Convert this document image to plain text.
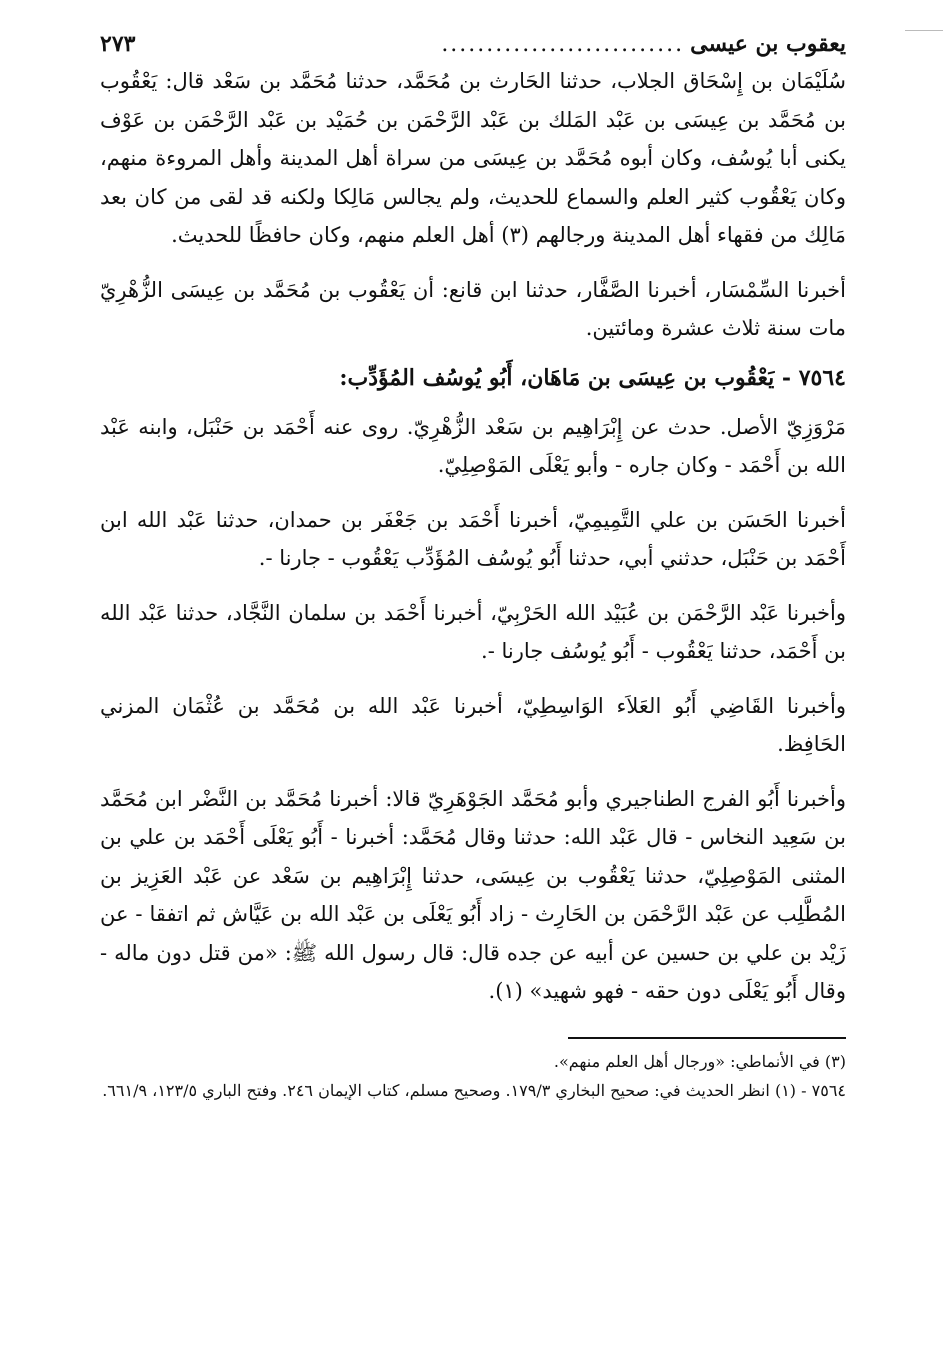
يعقوب بن عيسى
...........................
٢٧٣

سُلَيْمَان بن إِسْحَاق الجلاب، حدثنا الحَارث بن مُحَمَّد، حدثنا مُحَمَّد بن سَعْد قال: يَعْقُوب بن مُحَمَّد بن عِيسَى بن عَبْد المَلك بن عَبْد الرَّحْمَن بن حُمَيْد بن عَبْد الرَّحْمَن بن عَوْف يكنى أبا يُوسُف، وكان أبوه مُحَمَّد بن عِيسَى من سراة أهل المدينة وأهل المروءة منهم، وكان يَعْقُوب كثير العلم والسماع للحديث، ولم يجالس مَالِكا ولكنه قد لقى من كان بعد مَالِك من فقهاء أهل المدينة ورجالهم (٣) أهل العلم منهم، وكان حافظًا للحديث.

أخبرنا السِّمْسَار، أخبرنا الصَّفَّار، حدثنا ابن قانع: أن يَعْقُوب بن مُحَمَّد بن عِيسَى الزُّهْرِيّ مات سنة ثلاث عشرة ومائتين.

٧٥٦٤ - يَعْقُوب بن عِيسَى بن مَاهَان، أَبُو يُوسُف المُؤَدِّب:

مَرْوَزِيّ الأصل. حدث عن إِبْرَاهِيم بن سَعْد الزُّهْرِيّ. روى عنه أَحْمَد بن حَنْبَل، وابنه عَبْد الله بن أَحْمَد - وكان جاره - وأبو يَعْلَى المَوْصِلِيّ.

أخبرنا الحَسَن بن علي التَّمِيمِيّ، أخبرنا أَحْمَد بن جَعْفَر بن حمدان، حدثنا عَبْد الله ابن أَحْمَد بن حَنْبَل، حدثني أبي، حدثنا أَبُو يُوسُف المُؤَدِّب يَعْقُوب - جارنا -.

وأخبرنا عَبْد الرَّحْمَن بن عُبَيْد الله الحَرْبِيّ، أخبرنا أَحْمَد بن سلمان النَّجَّاد، حدثنا عَبْد الله بن أَحْمَد، حدثنا يَعْقُوب - أَبُو يُوسُف جارنا -.

وأخبرنا القَاضِي أَبُو العَلاَء الوَاسِطِيّ، أخبرنا عَبْد الله بن مُحَمَّد بن عُثْمَان المزني الحَافِظ.

وأخبرنا أَبُو الفرج الطناجيري وأبو مُحَمَّد الجَوْهَرِيّ قالا: أخبرنا مُحَمَّد بن النَّضْر ابن مُحَمَّد بن سَعِيد النخاس - قال عَبْد الله: حدثنا وقال مُحَمَّد: أخبرنا - أَبُو يَعْلَى أَحْمَد بن علي بن المثنى المَوْصِلِيّ، حدثنا يَعْقُوب بن عِيسَى، حدثنا إِبْرَاهِيم بن سَعْد عن عَبْد العَزِيز بن المُطَّلِب عن عَبْد الرَّحْمَن بن الحَارِث - زاد أَبُو يَعْلَى بن عَبْد الله بن عَيَّاش ثم اتفقا - عن زَيْد بن علي بن حسين عن أبيه عن جده قال: قال رسول الله ﷺ: «من قتل دون ماله - وقال أَبُو يَعْلَى دون حقه - فهو شهيد» (١).

(٣) في الأنماطي: «ورجال أهل العلم منهم».

٧٥٦٤ - (١) انظر الحديث في: صحيح البخاري ١٧٩/٣. وصحيح مسلم، كتاب الإيمان ٢٤٦. وفتح الباري ١٢٣/٥، ٦٦١/٩.
